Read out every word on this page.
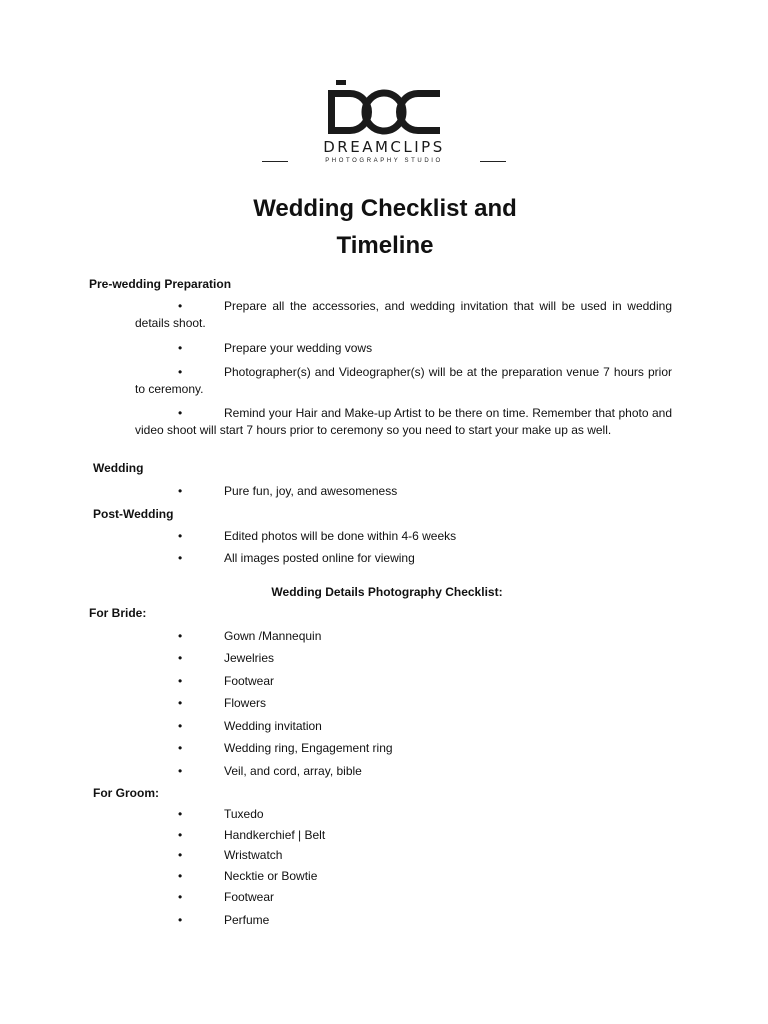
DREAMCLIPS
PHOTOGRAPHY STUDIO
Wedding Checklist and
Timeline
Pre-wedding Preparation
•	Prepare all the accessories, and wedding invitation that will be used in wedding details shoot.
•	Prepare your wedding vows
•	Photographer(s) and Videographer(s) will be at the preparation venue 7 hours prior to ceremony.
•	Remind your Hair and Make-up Artist to be there on time. Remember that photo and video shoot will start 7 hours prior to ceremony so you need to start your make up as well.
Wedding
•	Pure fun, joy, and awesomeness
Post-Wedding
•	Edited photos will be done within 4-6 weeks
•	All images posted online for viewing
Wedding Details Photography Checklist:
For Bride:
•	Gown /Mannequin
•	Jewelries
•	Footwear
•	Flowers
•	Wedding invitation
•	Wedding ring, Engagement ring
•	Veil, and cord, array, bible
For Groom:
•	Tuxedo
•	Handkerchief | Belt
•	Wristwatch
•	Necktie or Bowtie
•	Footwear
•	Perfume
